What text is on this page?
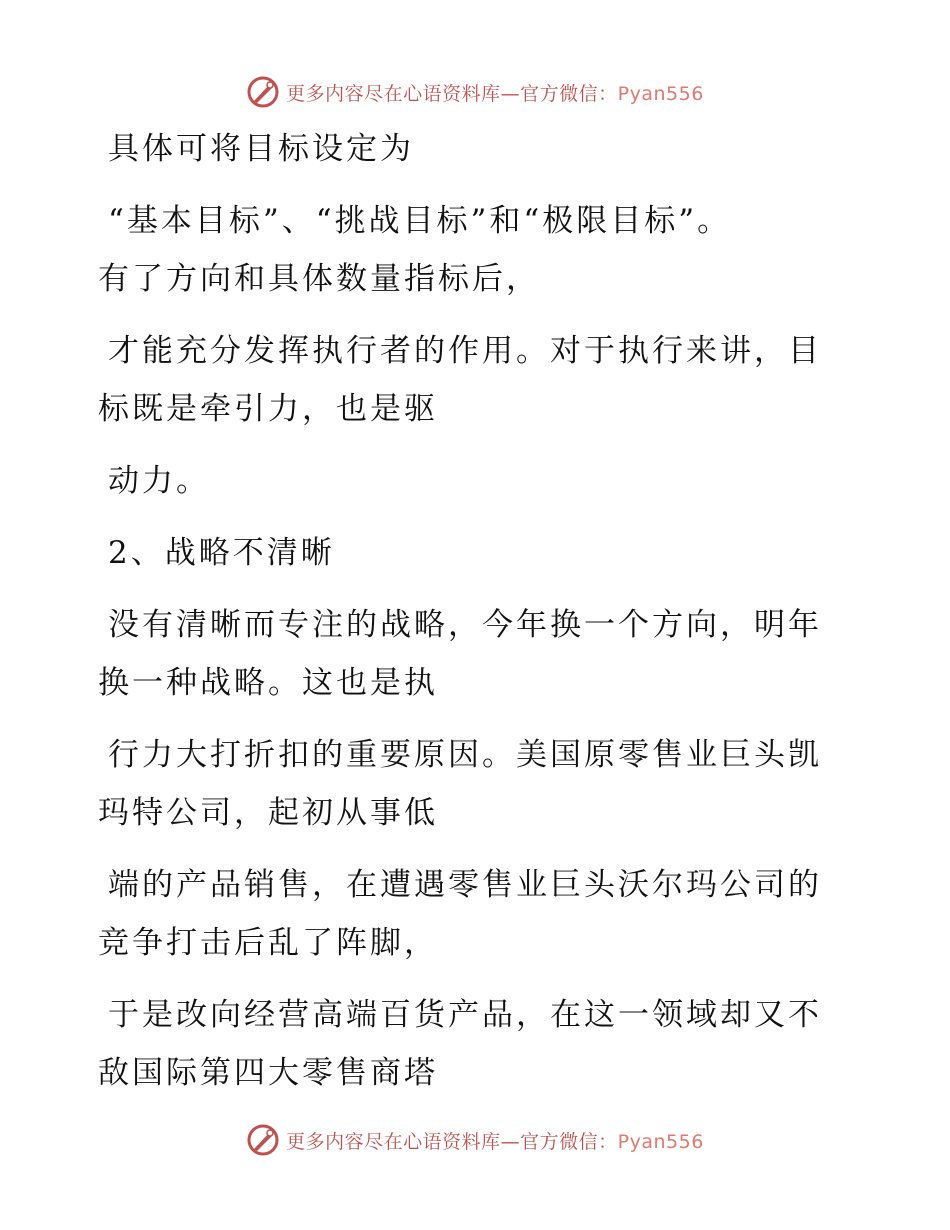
更多内容尽在心语资料库—官方微信：Pyan556

具体可将目标设定为

“基本目标”、“挑战目标”和“极限目标”。
有了方向和具体数量指标后，

才能充分发挥执行者的作用。对于执行来讲，目
标既是牵引力，也是驱

动力。

2、战略不清晰

没有清晰而专注的战略，今年换一个方向，明年
换一种战略。这也是执

行力大打折扣的重要原因。美国原零售业巨头凯
玛特公司，起初从事低

端的产品销售，在遭遇零售业巨头沃尔玛公司的
竞争打击后乱了阵脚，

于是改向经营高端百货产品，在这一领域却又不
敌国际第四大零售商塔

更多内容尽在心语资料库—官方微信：Pyan556
